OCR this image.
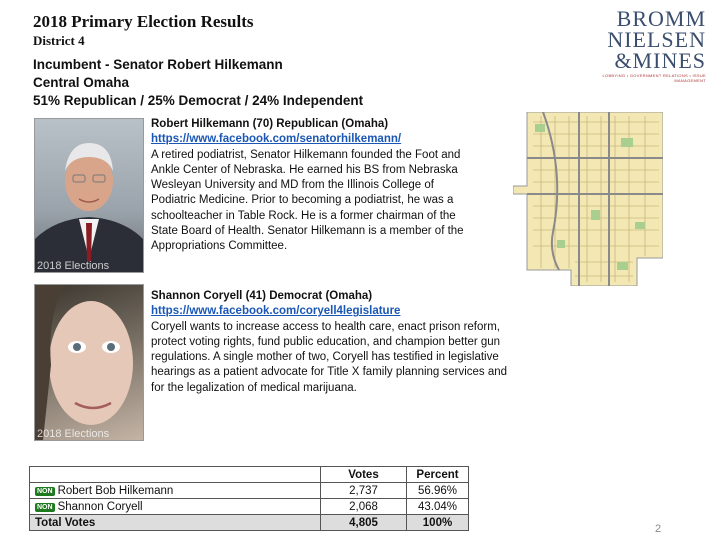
2018 Primary Election Results
District 4
Incumbent - Senator Robert Hilkemann
Central Omaha
51% Republican / 25% Democrat / 24% Independent
BROMM
NIELSEN
&MINES
LOBBYING • GOVERNMENT RELATIONS • ISSUE MANAGEMENT
2018 Elections
Robert Hilkemann (70) Republican (Omaha)
https://www.facebook.com/senatorhilkemann/
A retired podiatrist, Senator Hilkemann founded the Foot and Ankle Center of Nebraska. He earned his BS from Nebraska Wesleyan University and MD from the Illinois College of Podiatric Medicine. Prior to becoming a podiatrist, he was a schoolteacher in Table Rock. He is a former chairman of the State Board of Health. Senator Hilkemann is a member of the Appropriations Committee.
2018 Elections
Shannon Coryell (41) Democrat (Omaha)
https://www.facebook.com/coryell4legislature
Coryell wants to increase access to health care, enact prison reform, protect voting rights, fund public education, and champion better gun regulations. A single mother of two, Coryell has testified in legislative hearings as a patient advocate for Title X family planning services and for the legalization of medical marijuana.
	Votes	Percent
NON Robert Bob Hilkemann	2,737	56.96%
NON Shannon Coryell	2,068	43.04%
Total Votes	4,805	100%
2
